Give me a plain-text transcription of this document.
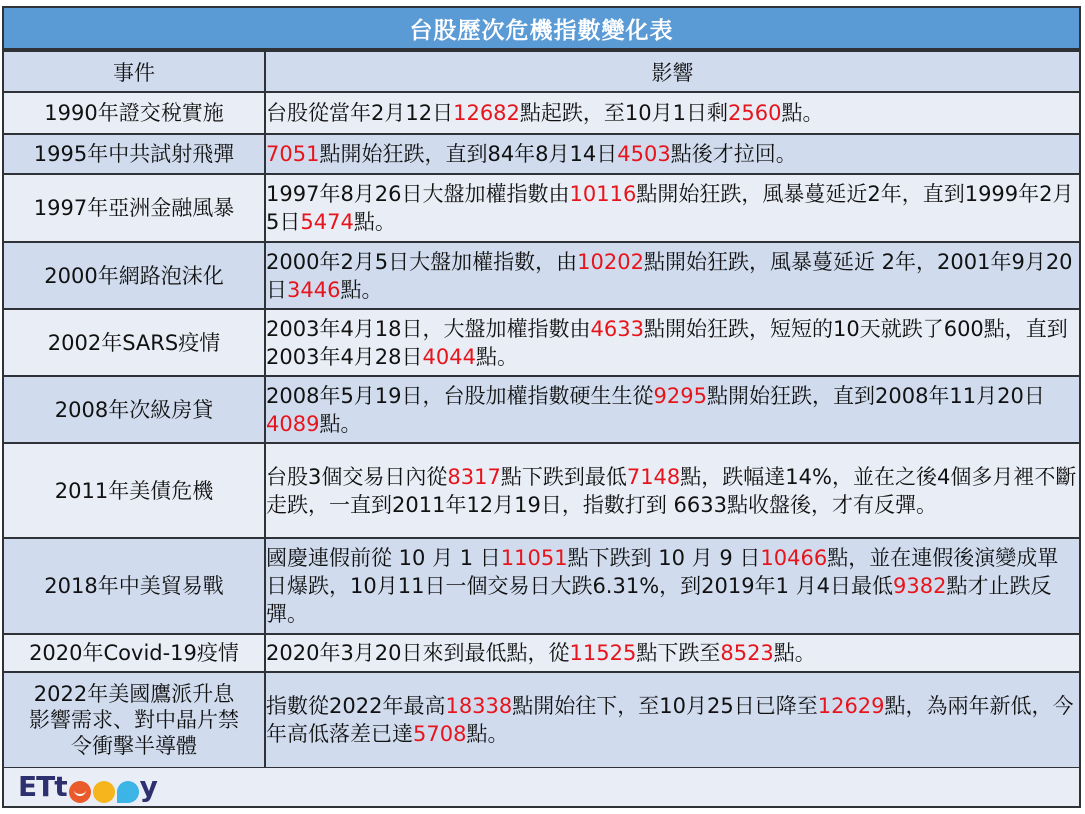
台股歷次危機指數變化表
事件	影響
1990年證交稅實施	台股從當年2月12日12682點起跌，至10月1日剩2560點。
1995年中共試射飛彈	7051點開始狂跌，直到84年8月14日4503點後才拉回。
1997年亞洲金融風暴	1997年8月26日大盤加權指數由10116點開始狂跌，風暴蔓延近2年，直到1999年2月5日5474點。
2000年網路泡沫化	2000年2月5日大盤加權指數，由10202點開始狂跌，風暴蔓延近 2年，2001年9月20日3446點。
2002年SARS疫情	2003年4月18日，大盤加權指數由4633點開始狂跌，短短的10天就跌了600點，直到2003年4月28日4044點。
2008年次級房貸	2008年5月19日，台股加權指數硬生生從9295點開始狂跌，直到2008年11月20日4089點。
2011年美債危機	台股3個交易日內從8317點下跌到最低7148點，跌幅達14%，並在之後4個多月裡不斷走跌，一直到2011年12月19日，指數打到 6633點收盤後，才有反彈。
2018年中美貿易戰	國慶連假前從 10 月 1 日11051點下跌到 10 月 9 日10466點，並在連假後演變成單日爆跌，10月11日一個交易日大跌6.31%，到2019年1 月4日最低9382點才止跌反彈。
2020年Covid-19疫情	2020年3月20日來到最低點，從11525點下跌至8523點。
2022年美國鷹派升息
影響需求、對中晶片禁
令衝擊半導體	指數從2022年最高18338點開始往下，至10月25日已降至12629點，為兩年新低，今年高低落差已達5708點。
ET t	y
